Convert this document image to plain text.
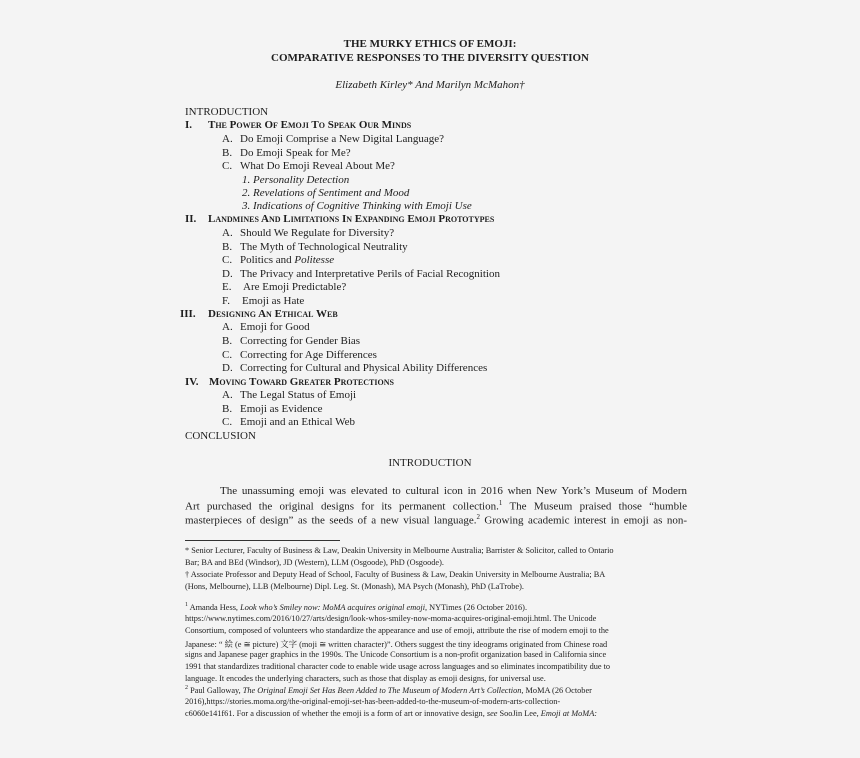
THE MURKY ETHICS OF EMOJI:
COMPARATIVE RESPONSES TO THE DIVERSITY QUESTION
Elizabeth Kirley* And Marilyn McMahon†
INTRODUCTION
I. The Power Of Emoji To Speak Our Minds
A. Do Emoji Comprise a New Digital Language?
B. Do Emoji Speak for Me?
C. What Do Emoji Reveal About Me?
1. Personality Detection
2. Revelations of Sentiment and Mood
3. Indications of Cognitive Thinking with Emoji Use
II. Landmines And Limitations In Expanding Emoji Prototypes
A. Should We Regulate for Diversity?
B. The Myth of Technological Neutrality
C. Politics and Politesse
D. The Privacy and Interpretative Perils of Facial Recognition
E. Are Emoji Predictable?
F. Emoji as Hate
III. Designing An Ethical Web
A. Emoji for Good
B. Correcting for Gender Bias
C. Correcting for Age Differences
D. Correcting for Cultural and Physical Ability Differences
IV. Moving Toward Greater Protections
A. The Legal Status of Emoji
B. Emoji as Evidence
C. Emoji and an Ethical Web
CONCLUSION
INTRODUCTION
The unassuming emoji was elevated to cultural icon in 2016 when New York’s Museum of Modern
Art purchased the original designs for its permanent collection.$^1$ The Museum praised those “humble
masterpieces of design” as the seeds of a new visual language.$^2$ Growing academic interest in emoji as non-
* Senior Lecturer, Faculty of Business & Law, Deakin University in Melbourne Australia; Barrister & Solicitor, called to Ontario
Bar; BA and BEd (Windsor), JD (Western), LLM (Osgoode), PhD (Osgoode).
† Associate Professor and Deputy Head of School, Faculty of Business & Law, Deakin University in Melbourne Australia; BA
(Hons, Melbourne), LLB (Melbourne) Dipl. Leg. St. (Monash), MA Psych (Monash), PhD (LaTrobe).
$^1$ Amanda Hess, Look who’s Smiley now: MoMA acquires original emoji, NYTimes (26 October 2016).
https://www.nytimes.com/2016/10/27/arts/design/look-whos-smiley-now-moma-acquires-original-emoji.html. The Unicode
Consortium, composed of volunteers who standardize the appearance and use of emoji, attribute the rise of modern emoji to the
Japanese: “ 絵 (e ≅ picture) 文字 (moji ≅ written character)”. Others suggest the tiny ideograms originated from Chinese road
signs and Japanese pager graphics in the 1990s. The Unicode Consortium is a non-profit organization based in California since
1991 that standardizes traditional character code to enable wide usage across languages and so eliminates incompatibility due to
language. It encodes the underlying characters, such as those that display as emoji designs, for universal use.
$^2$ Paul Galloway, The Original Emoji Set Has Been Added to The Museum of Modern Art’s Collection, MoMA (26 October
2016),https://stories.moma.org/the-original-emoji-set-has-been-added-to-the-museum-of-modern-arts-collection-
c6060e141f61. For a discussion of whether the emoji is a form of art or innovative design, see SooJin Lee, Emoji at MoMA:
